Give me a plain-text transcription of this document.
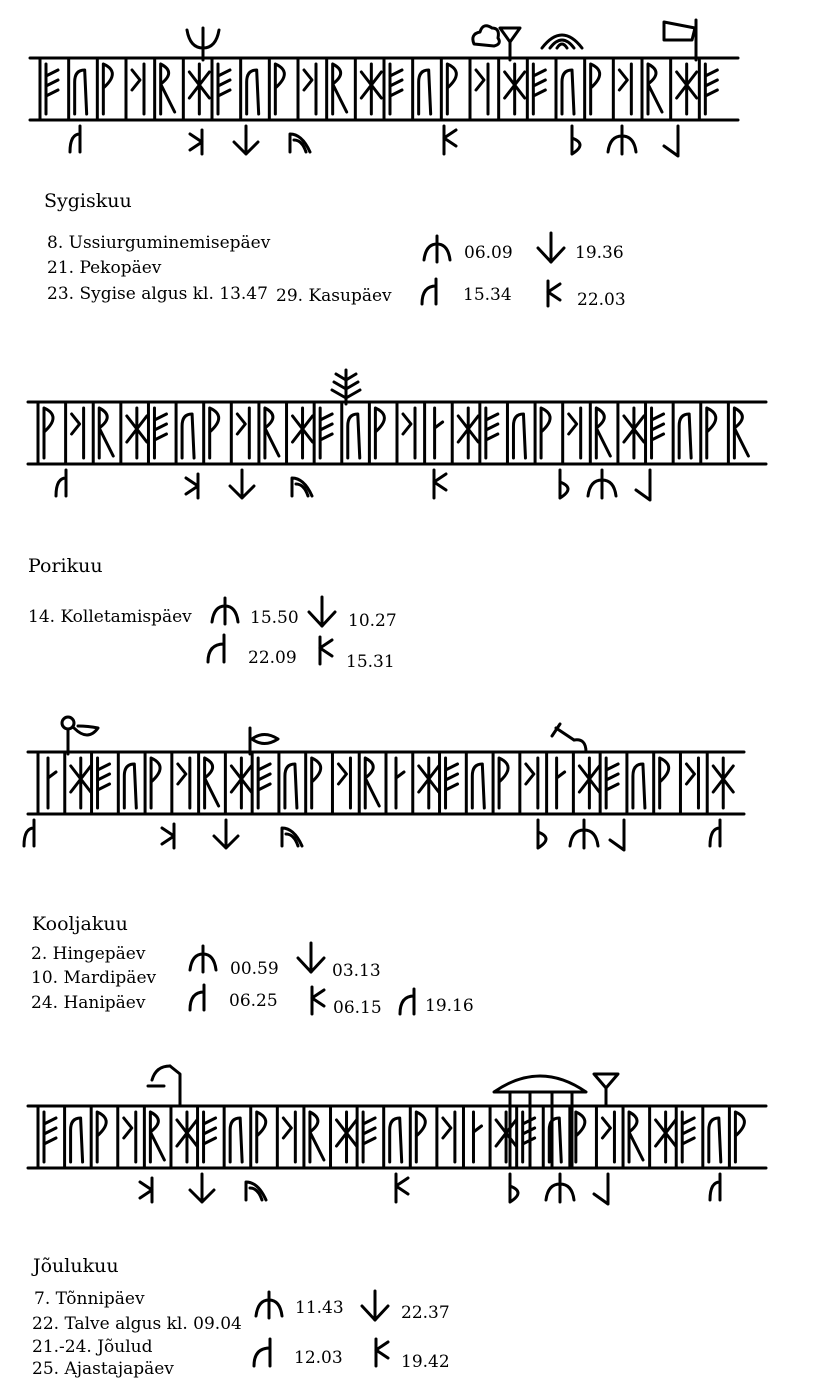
Sygiskuu
8. Ussiurguminemisepäev
21. Pekopäev
23. Sygise algus kl. 13.47 29. Kasupäev
06.09	19.36
15.34	22.03
Porikuu
14. Kolletamispäev	15.50	10.27
22.09	15.31
Kooljakuu
2. Hingepäev
10. Mardipäev
24. Hanipäev
00.59	03.13
06.25	06.15	19.16
Jõulukuu
7. Tõnnipäev
22. Talve algus kl. 09.04
21.-24. Jõulud
25. Ajastajapäev
11.43	22.37
12.03	19.42
